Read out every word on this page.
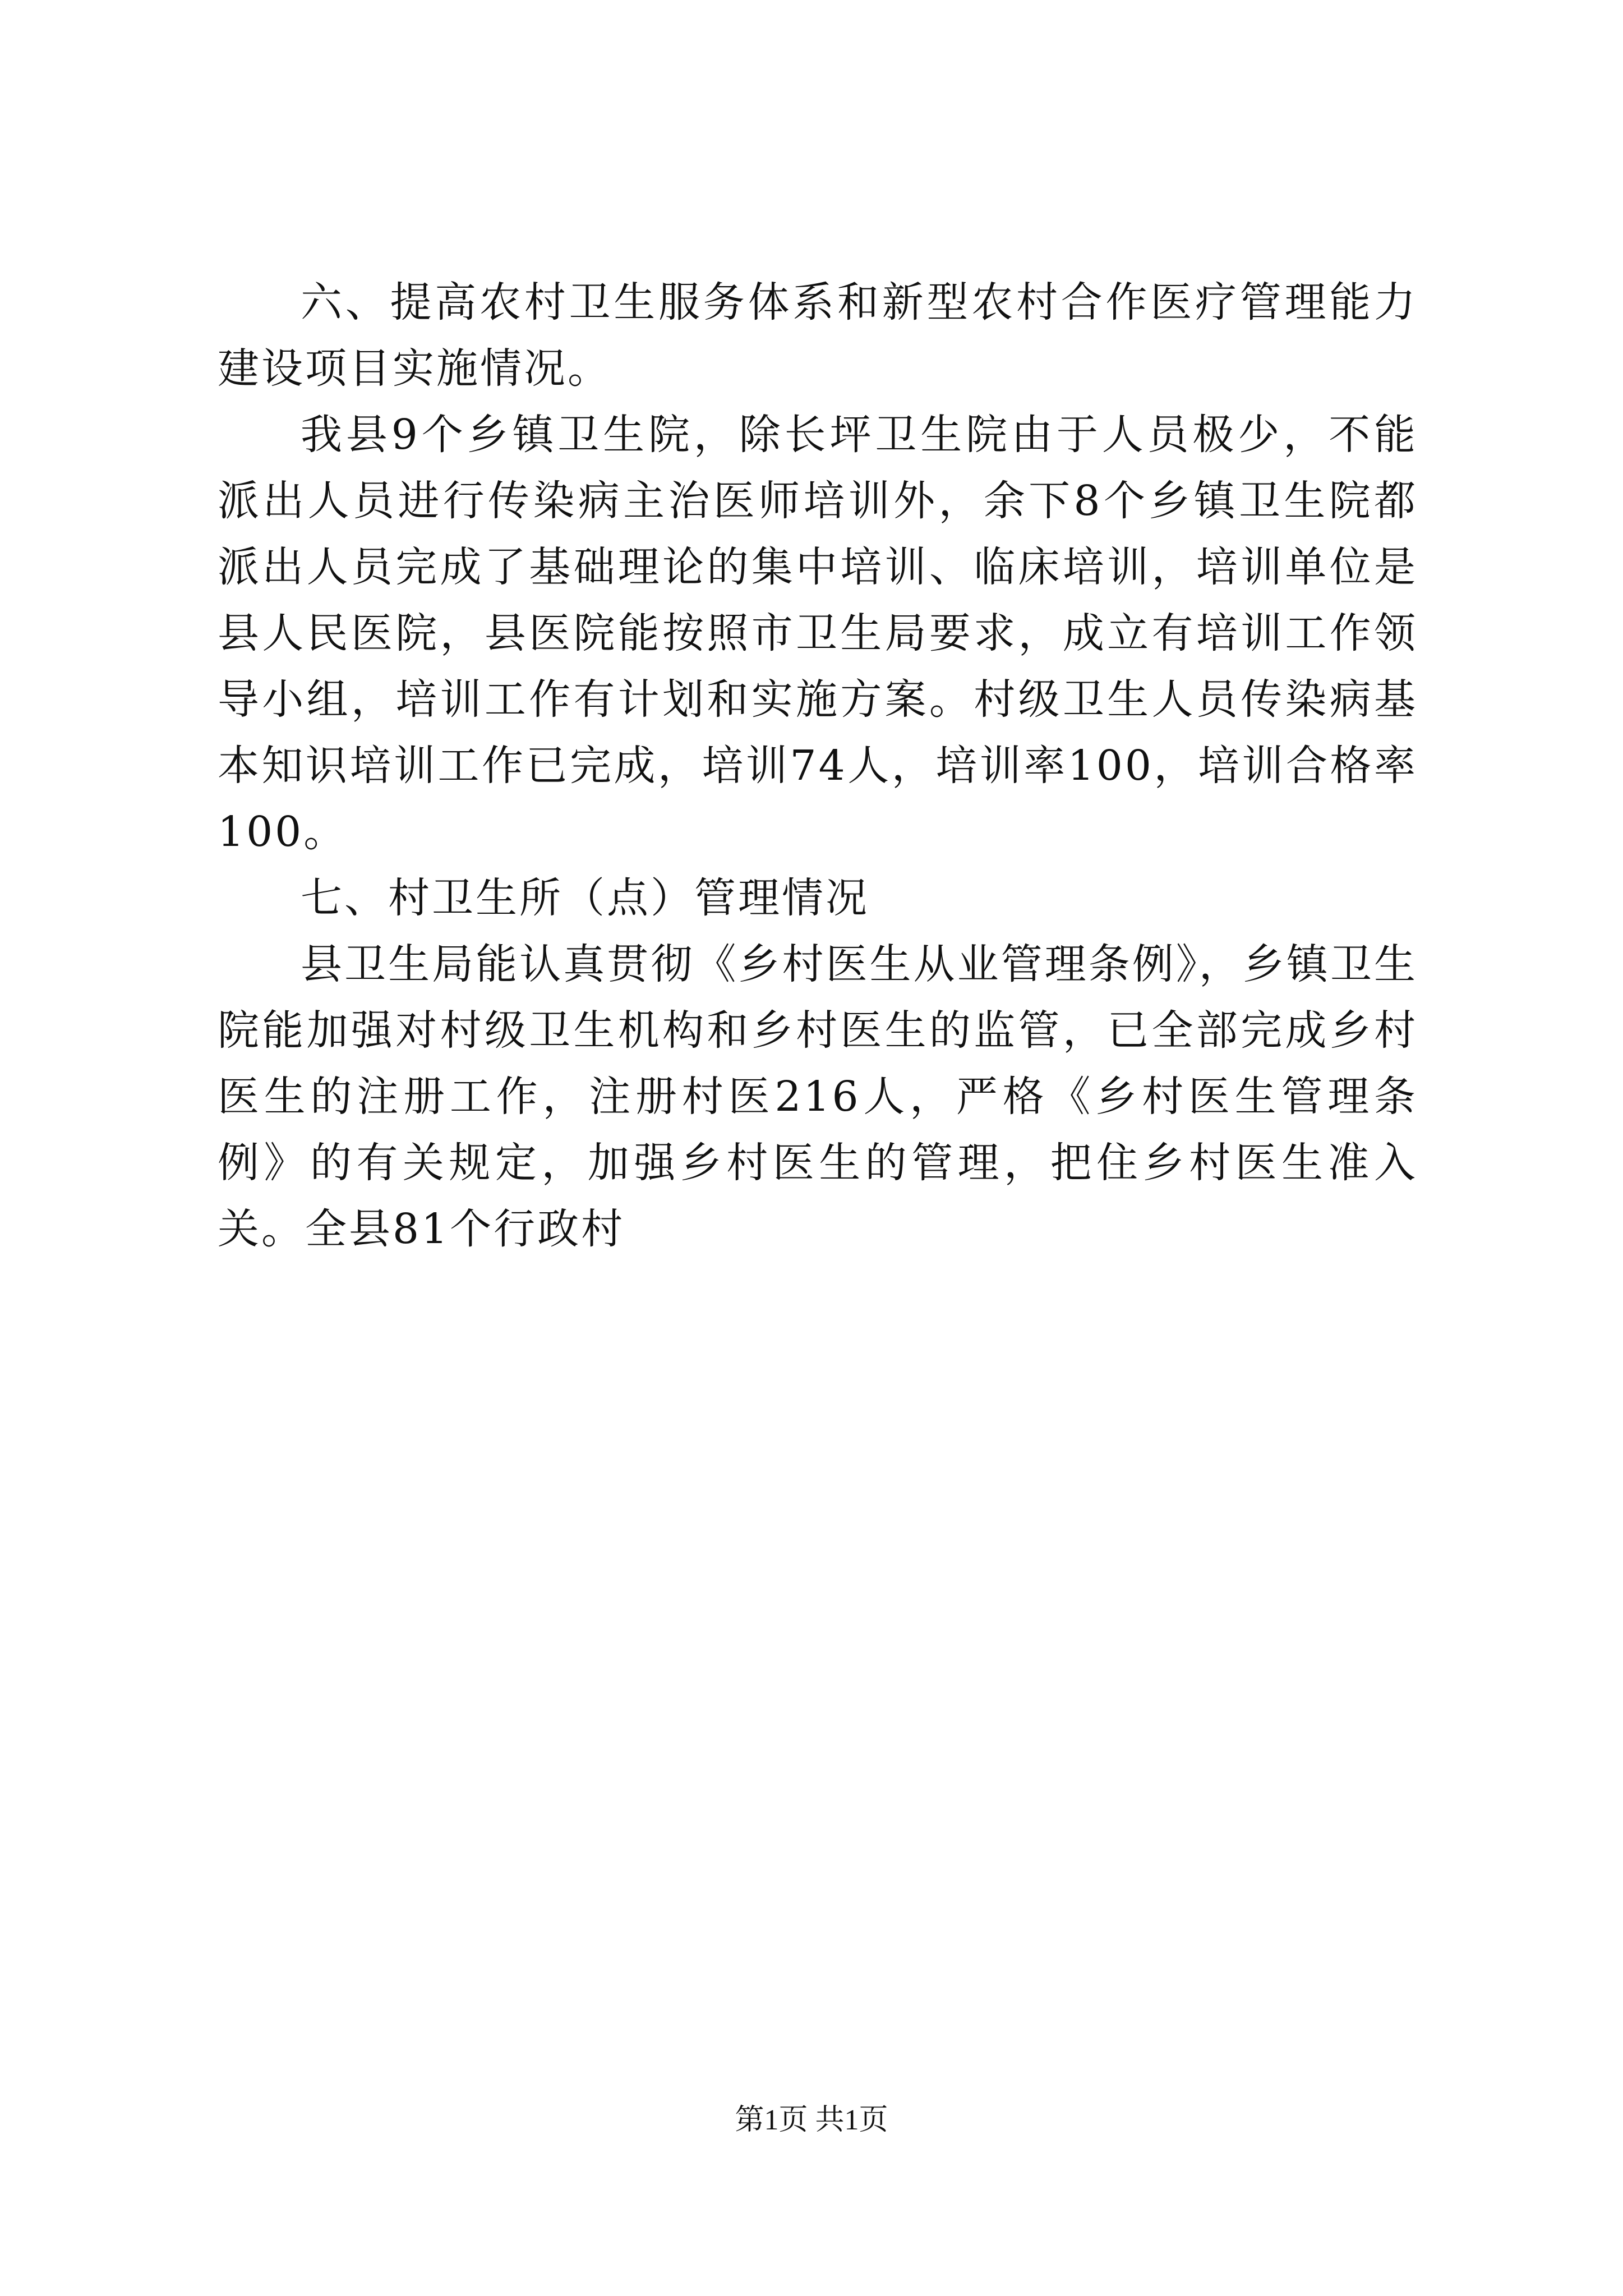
六、提高农村卫生服务体系和新型农村合作医疗管理能力建设项目实施情况。

我县9个乡镇卫生院，除长坪卫生院由于人员极少，不能派出人员进行传染病主治医师培训外，余下8个乡镇卫生院都派出人员完成了基础理论的集中培训、临床培训，培训单位是县人民医院，县医院能按照市卫生局要求，成立有培训工作领导小组，培训工作有计划和实施方案。村级卫生人员传染病基本知识培训工作已完成，培训74人，培训率100，培训合格率100。

七、村卫生所（点）管理情况

县卫生局能认真贯彻《乡村医生从业管理条例》，乡镇卫生院能加强对村级卫生机构和乡村医生的监管，已全部完成乡村医生的注册工作，注册村医216人，严格《乡村医生管理条例》的有关规定，加强乡村医生的管理，把住乡村医生准入关。全县81个行政村

第1页 共1页
